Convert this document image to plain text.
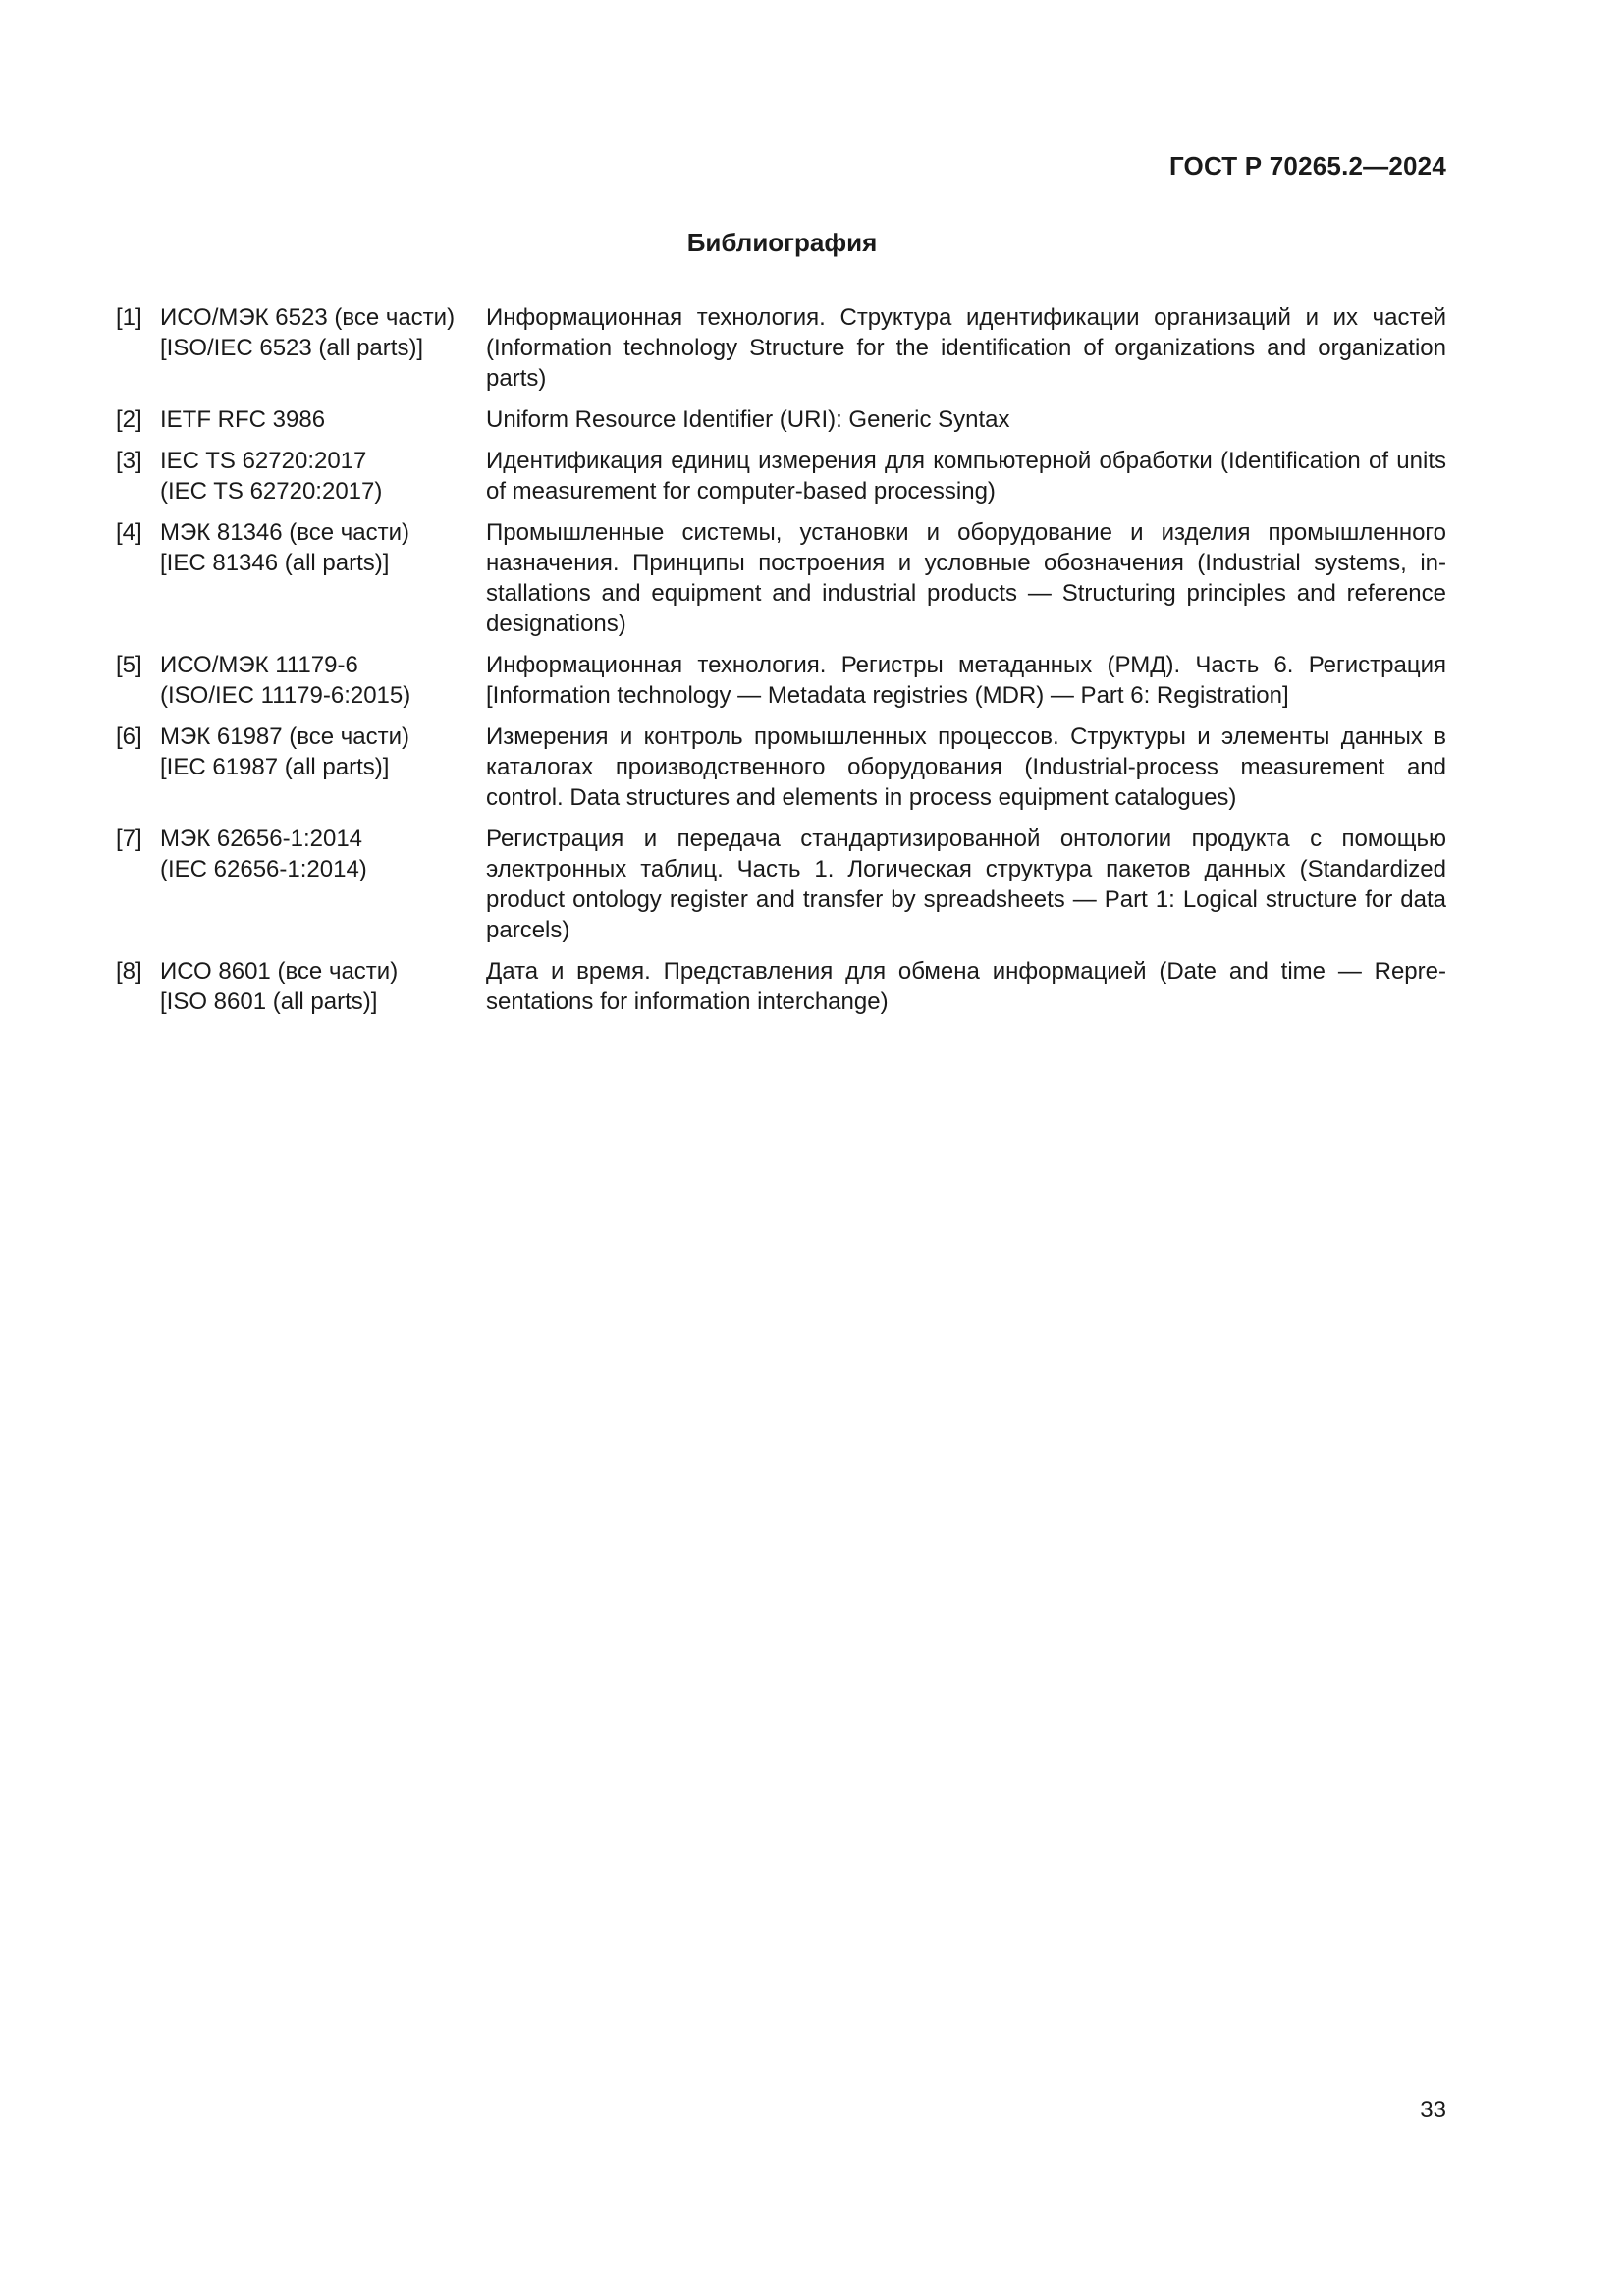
ГОСТ Р 70265.2—2024
Библиография
[1] ИСО/МЭК 6523 (все части)
[ISO/IEC 6523 (all parts)]
Информационная технология. Структура идентификации организаций и их частей (Information technology Structure for the identification of organizations and organization parts)
[2] IETF RFC 3986	Uniform Resource Identifier (URI): Generic Syntax
[3] IEC TS 62720:2017
(IEC TS 62720:2017)
Идентификация единиц измерения для компьютерной обработки (Identification of units of measurement for computer-based processing)
[4] МЭК 81346 (все части)
[IEC 81346 (all parts)]
Промышленные системы, установки и оборудование и изделия промышленного назначения. Принципы построения и условные обозначения (Industrial systems, installations and equipment and industrial products — Structuring principles and reference designations)
[5] ИСО/МЭК 11179-6
(ISO/IEC 11179-6:2015)
Информационная технология. Регистры метаданных (РМД). Часть 6. Регистрация [Information technology — Metadata registries (MDR) — Part 6: Registration]
[6] МЭК 61987 (все части)
[IEC 61987 (all parts)]
Измерения и контроль промышленных процессов. Структуры и элементы данных в каталогах производственного оборудования (Industrial-process measurement and control. Data structures and elements in process equipment catalogues)
[7] МЭК 62656-1:2014
(IEC 62656-1:2014)
Регистрация и передача стандартизированной онтологии продукта с помощью электронных таблиц. Часть 1. Логическая структура пакетов данных (Standardized product ontology register and transfer by spreadsheets — Part 1: Logical structure for data parcels)
[8] ИСО 8601 (все части)
[ISO 8601 (all parts)]
Дата и время. Представления для обмена информацией (Date and time — Representations for information interchange)
33
